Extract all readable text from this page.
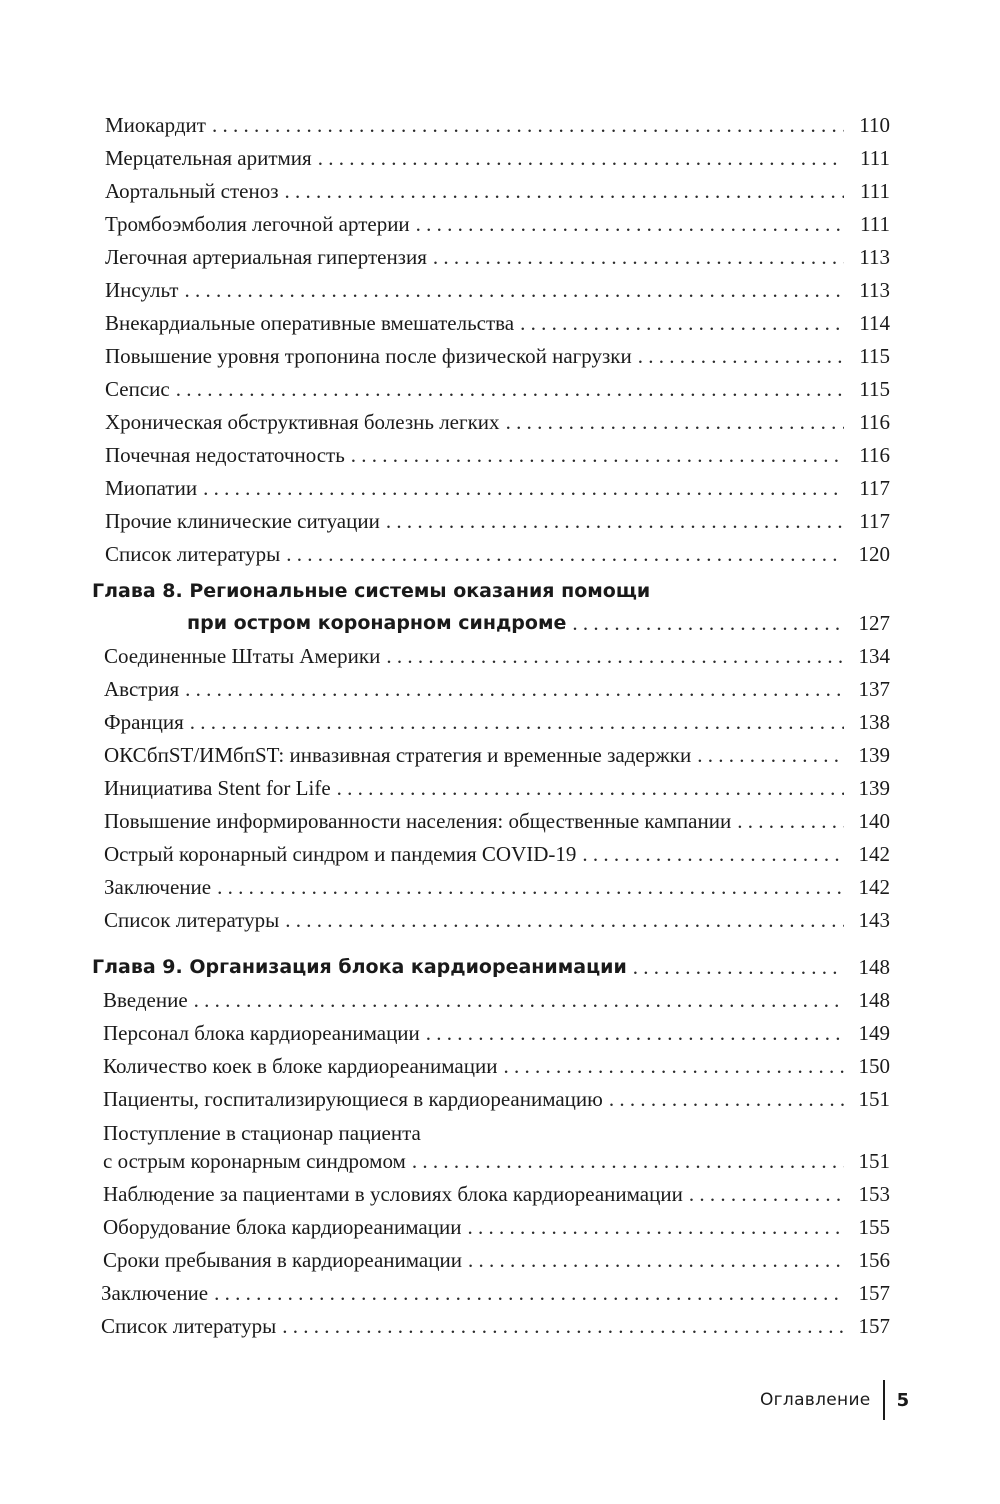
Миокардит . . .	110
Мерцательная аритмия . . .	111
Аортальный стеноз . . .	111
Тромбоэмболия легочной артерии . . .	111
Легочная артериальная гипертензия . . .	113
Инсульт . . .	113
Внекардиальные оперативные вмешательства . . .	114
Повышение уровня тропонина после физической нагрузки . . .	115
Сепсис . . .	115
Хроническая обструктивная болезнь легких . . .	116
Почечная недостаточность . . .	116
Миопатии . . .	117
Прочие клинические ситуации . . .	117
Список литературы . . .	120
Глава 8. Региональные системы оказания помощи
при остром коронарном синдроме . . .	127
Соединенные Штаты Америки . . .	134
Австрия . . .	137
Франция . . .	138
ОКСбпST/ИМбпST: инвазивная стратегия и временные задержки . . .	139
Инициатива Stent for Life . . .	139
Повышение информированности населения: общественные кампании . . .	140
Острый коронарный синдром и пандемия COVID-19 . . .	142
Заключение . . .	142
Список литературы . . .	143
Глава 9. Организация блока кардиореанимации . . .	148
Введение . . .	148
Персонал блока кардиореанимации . . .	149
Количество коек в блоке кардиореанимации . . .	150
Пациенты, госпитализирующиеся в кардиореанимацию . . .	151
Поступление в стационар пациента
с острым коронарным синдромом . . .	151
Наблюдение за пациентами в условиях блока кардиореанимации . . .	153
Оборудование блока кардиореанимации . . .	155
Сроки пребывания в кардиореанимации . . .	156
Заключение . . .	157
Список литературы . . .	157
Оглавление	5
